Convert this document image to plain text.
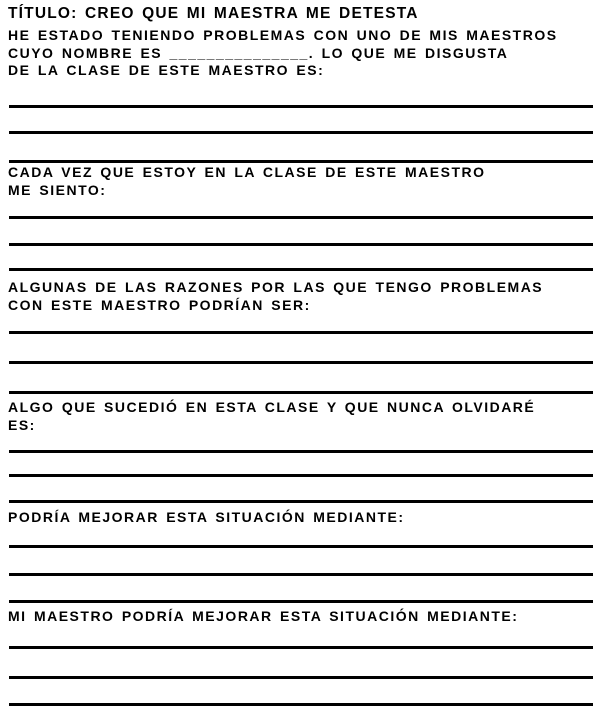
TÍTULO: CREO QUE MI MAESTRA ME DETESTA

HE ESTADO TENIENDO PROBLEMAS CON UNO DE MIS MAESTROS
CUYO NOMBRE ES _______________. LO QUE ME DISGUSTA
DE LA CLASE DE ESTE MAESTRO ES:

CADA VEZ QUE ESTOY EN LA CLASE DE ESTE MAESTRO
ME SIENTO:

ALGUNAS DE LAS RAZONES POR LAS QUE TENGO PROBLEMAS
CON ESTE MAESTRO PODRÍAN SER:

ALGO QUE SUCEDIÓ EN ESTA CLASE Y QUE NUNCA OLVIDARÉ
ES:

PODRÍA MEJORAR ESTA SITUACIÓN MEDIANTE:

MI MAESTRO PODRÍA MEJORAR ESTA SITUACIÓN MEDIANTE:
